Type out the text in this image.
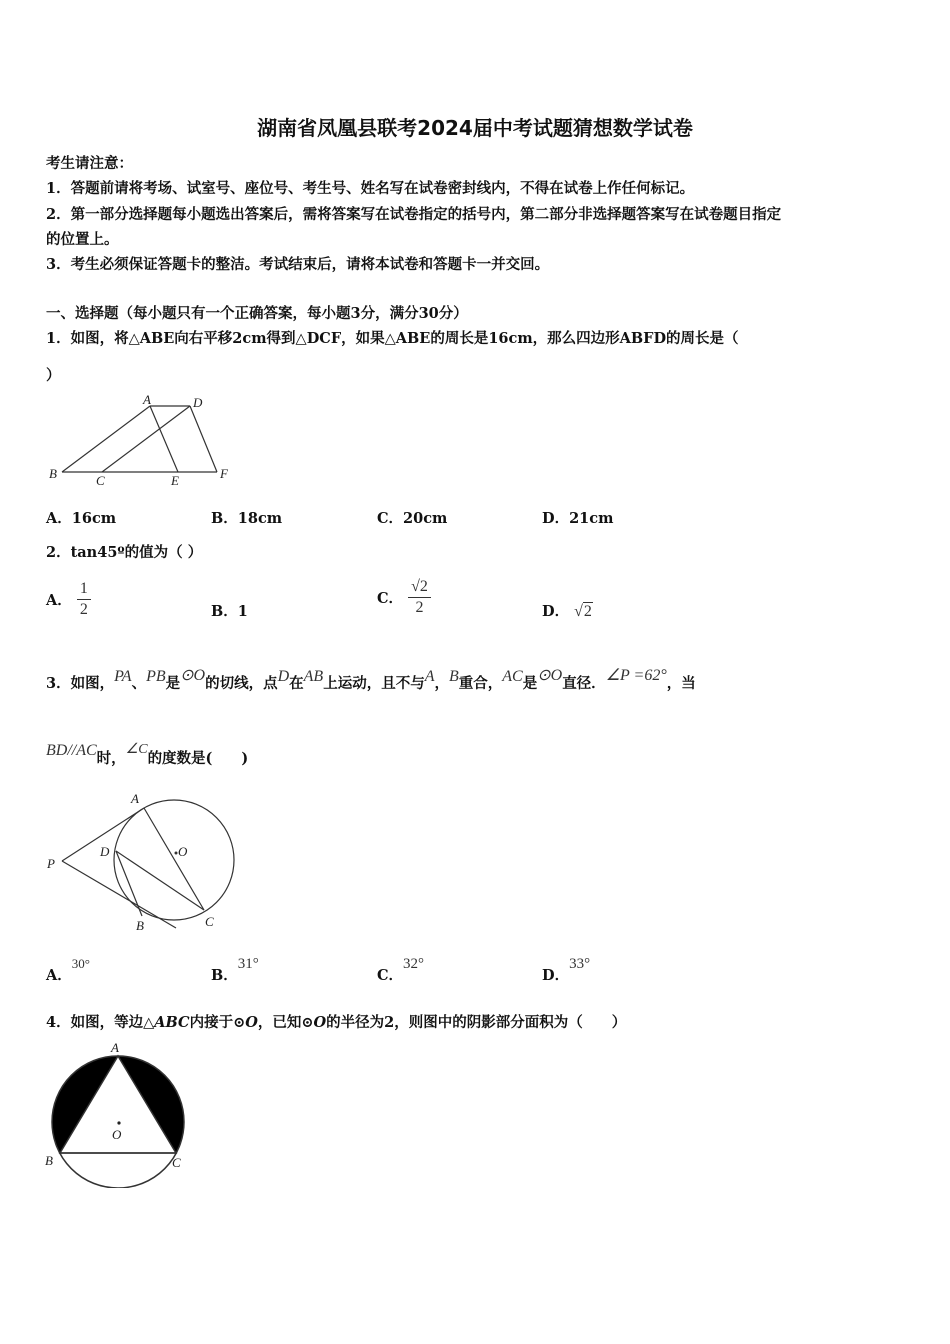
湖南省凤凰县联考2024届中考试题猜想数学试卷
考生请注意：
1．答题前请将考场、试室号、座位号、考生号、姓名写在试卷密封线内，不得在试卷上作任何标记。
2．第一部分选择题每小题选出答案后，需将答案写在试卷指定的括号内，第二部分非选择题答案写在试卷题目指定
的位置上。
3．考生必须保证答题卡的整洁。考试结束后，请将本试卷和答题卡一并交回。
一、选择题（每小题只有一个正确答案，每小题3分，满分30分）
1．如图，将△ABE向右平移2cm得到△DCF，如果△ABE的周长是16cm，那么四边形ABFD的周长是（
）
A	D
B	C	E	F
A．16cm	B．18cm	C．20cm	D．21cm
2．tan45º的值为（ ）
A． $\frac{1}{2}$	B．1
C． $\frac{√2}{2}$	D． √2
3．如图，PA、PB是⊙O的切线，点D在AB上运动，且不与A，B重合，AC是⊙O直径．∠P =62°，当
BD//AC时，∠C的度数是(　　)
A
D	O
P
B	C
A．30°
B．31°
C．32°
D．33°
4．如图，等边△ABC内接于⊙O，已知⊙O的半径为2，则图中的阴影部分面积为（　　）
A
B	C
O
